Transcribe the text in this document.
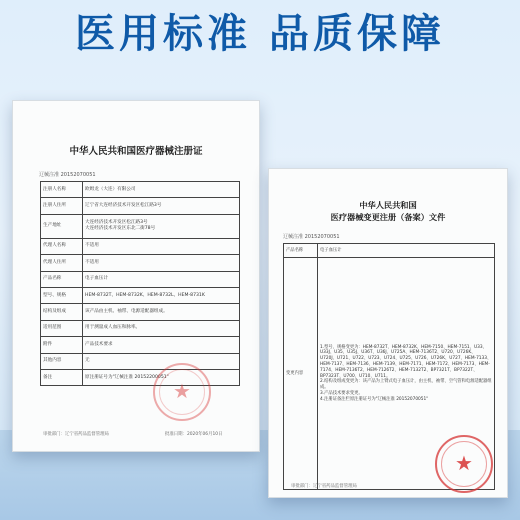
医用标准 品质保障
中华人民共和国医疗器械注册证
辽械注准 20152070051
注册人名称	欧姆龙（大连）有限公司
注册人住所	辽宁省大连经济技术开发区松江路3号
生产地址	大连经济技术开发区松江路3号
大连经济技术开发区东北二街78号
代理人名称	不适用
代理人住所	不适用
产品名称	电子血压计
型号、规格	HEM-8732T、HEM-8732K、HEM-8732L、HEM-8731K
结构及组成	该产品由主机、袖带、电源适配器组成。
适用范围	用于测量成人血压和脉率。
附件	产品技术要求
其他内容	无
备注	原注册证号为"辽械注准 20152200051"
★
审批部门：辽宁省药品监督管理局	批准日期：2020年06月10日
中华人民共和国
医疗器械变更注册（备案）文件
辽械注准 20152070051
产品名称	电子血压计
变更内容	1.型号、规格变更为：HEM-8732T、HEM-8732K、HEM-7150、HEM-7151、U33、U33J、U35、U35J、U36T、U36J、U725A、HEM-7136T2、U720、U726K、U720J、U721、U722、U723、U724、U725、U726、U726K、U727、HEM-7133、HEM-7137、HEM-7136、HEM-7139、HEM-7171、HEM-7172、HEM-7173、HEM-7174、HEM-7136T2、HEM-7126T2、HEM-7132T2、BP7321T、BP7322T、BP7323T、U700、U710、U711。
2.结构及组成变更为：该产品为上臂式电子血压计，由主机、袖带、空气管和电源适配器组成。
3.产品技术要求变更。
4.注册证备注栏原注册证号为"辽械注准 20152070051"
★
审批部门：辽宁省药品监督管理局
